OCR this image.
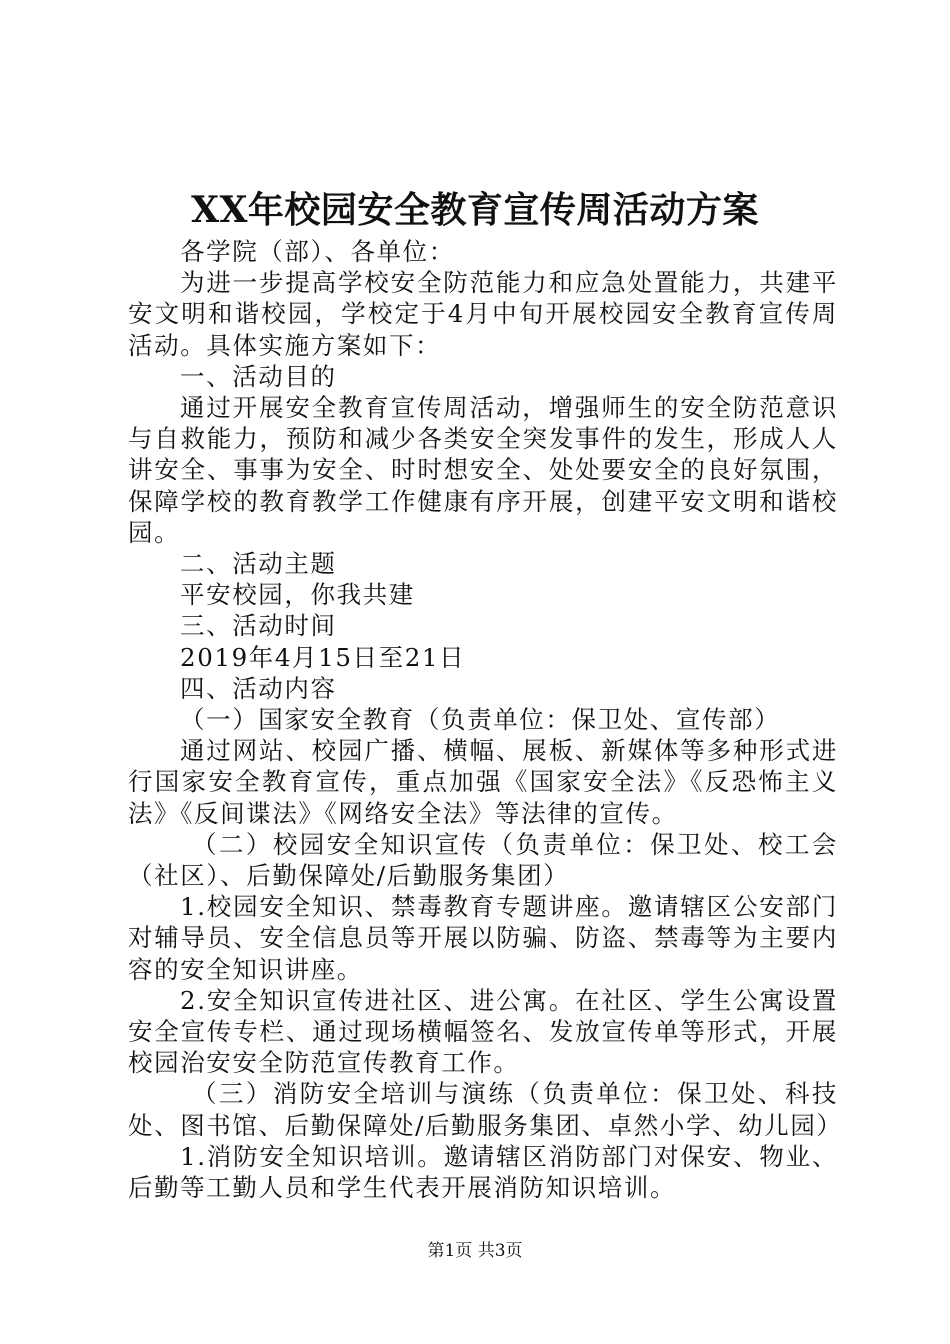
XX年校园安全教育宣传周活动方案

各学院（部）、各单位：

为进一步提高学校安全防范能力和应急处置能力，共建平安文明和谐校园，学校定于4月中旬开展校园安全教育宣传周活动。具体实施方案如下：

一、活动目的

通过开展安全教育宣传周活动，增强师生的安全防范意识与自救能力，预防和减少各类安全突发事件的发生，形成人人讲安全、事事为安全、时时想安全、处处要安全的良好氛围，保障学校的教育教学工作健康有序开展，创建平安文明和谐校园。

二、活动主题

平安校园，你我共建

三、活动时间

2019年4月15日至21日

四、活动内容

（一）国家安全教育（负责单位：保卫处、宣传部）

通过网站、校园广播、横幅、展板、新媒体等多种形式进行国家安全教育宣传，重点加强《国家安全法》《反恐怖主义法》《反间谍法》《网络安全法》等法律的宣传。

（二）校园安全知识宣传（负责单位：保卫处、校工会（社区）、后勤保障处/后勤服务集团）

1.校园安全知识、禁毒教育专题讲座。邀请辖区公安部门对辅导员、安全信息员等开展以防骗、防盗、禁毒等为主要内容的安全知识讲座。

2.安全知识宣传进社区、进公寓。在社区、学生公寓设置安全宣传专栏、通过现场横幅签名、发放宣传单等形式，开展校园治安安全防范宣传教育工作。

（三）消防安全培训与演练（负责单位：保卫处、科技处、图书馆、后勤保障处/后勤服务集团、卓然小学、幼儿园）

1.消防安全知识培训。邀请辖区消防部门对保安、物业、后勤等工勤人员和学生代表开展消防知识培训。

第1页 共3页
